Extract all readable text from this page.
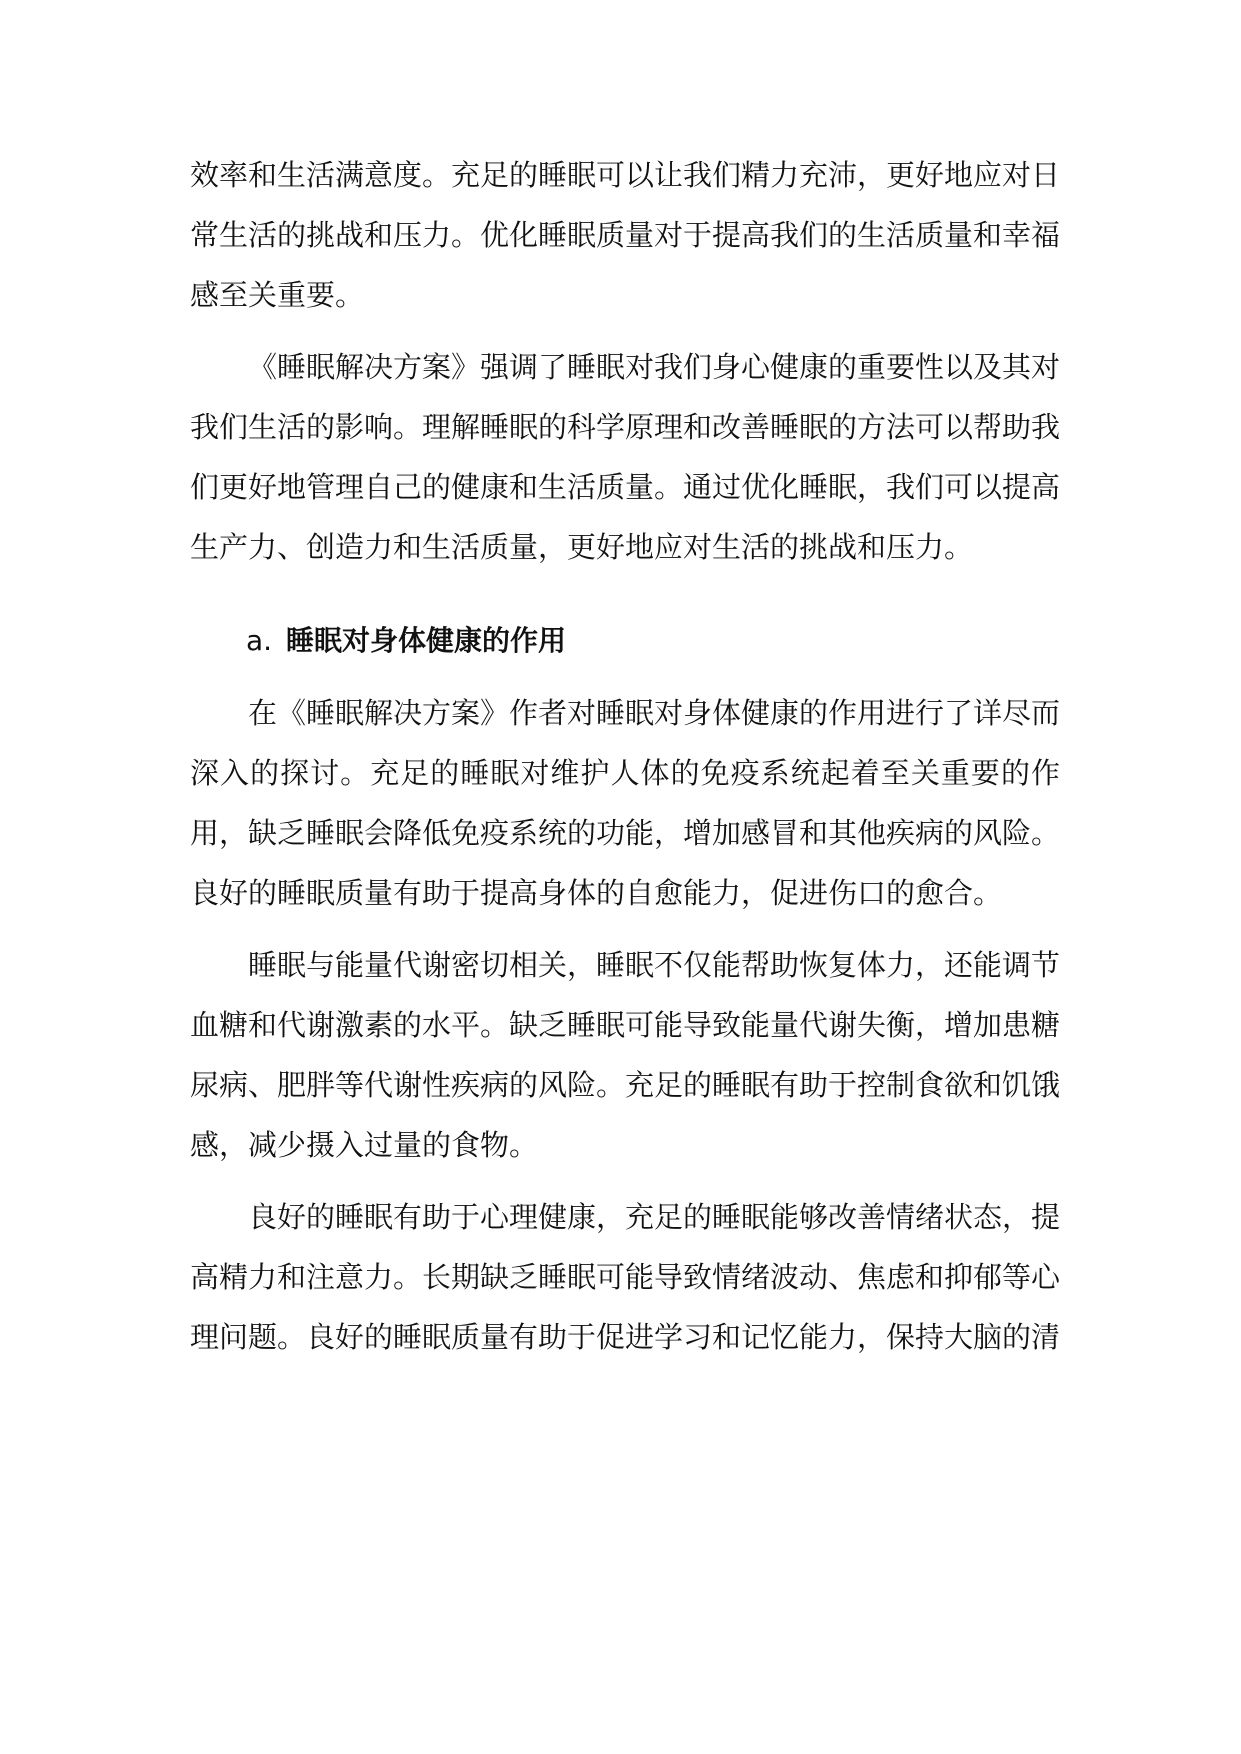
效率和生活满意度。充足的睡眠可以让我们精力充沛，更好地应对日常生活的挑战和压力。优化睡眠质量对于提高我们的生活质量和幸福感至关重要。

《睡眠解决方案》强调了睡眠对我们身心健康的重要性以及其对我们生活的影响。理解睡眠的科学原理和改善睡眠的方法可以帮助我们更好地管理自己的健康和生活质量。通过优化睡眠，我们可以提高生产力、创造力和生活质量，更好地应对生活的挑战和压力。

a. 睡眠对身体健康的作用

在《睡眠解决方案》作者对睡眠对身体健康的作用进行了详尽而深入的探讨。充足的睡眠对维护人体的免疫系统起着至关重要的作用，缺乏睡眠会降低免疫系统的功能，增加感冒和其他疾病的风险。良好的睡眠质量有助于提高身体的自愈能力，促进伤口的愈合。

睡眠与能量代谢密切相关，睡眠不仅能帮助恢复体力，还能调节血糖和代谢激素的水平。缺乏睡眠可能导致能量代谢失衡，增加患糖尿病、肥胖等代谢性疾病的风险。充足的睡眠有助于控制食欲和饥饿感，减少摄入过量的食物。

良好的睡眠有助于心理健康，充足的睡眠能够改善情绪状态，提高精力和注意力。长期缺乏睡眠可能导致情绪波动、焦虑和抑郁等心理问题。良好的睡眠质量有助于促进学习和记忆能力，保持大脑的清
